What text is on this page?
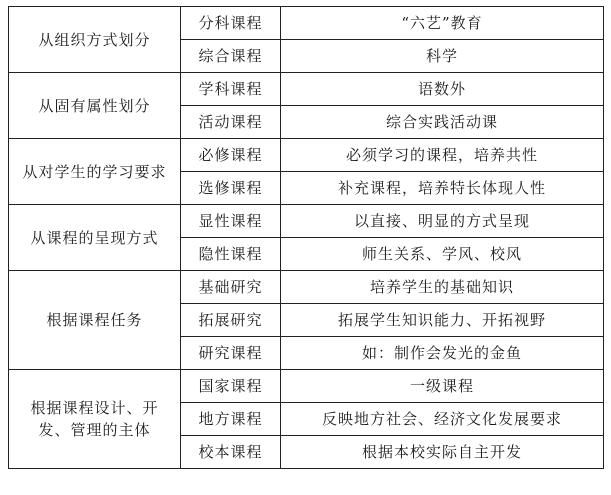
从组织方式划分	分科课程	“六艺”教育
	综合课程	科学
从固有属性划分	学科课程	语数外
	活动课程	综合实践活动课
从对学生的学习要求	必修课程	必须学习的课程，培养共性
	选修课程	补充课程，培养特长体现人性
从课程的呈现方式	显性课程	以直接、明显的方式呈现
	隐性课程	师生关系、学风、校风
根据课程任务	基础研究	培养学生的基础知识
	拓展研究	拓展学生知识能力、开拓视野
	研究课程	如：制作会发光的金鱼
根据课程设计、开发、管理的主体	国家课程	一级课程
	地方课程	反映地方社会、经济文化发展要求
	校本课程	根据本校实际自主开发
